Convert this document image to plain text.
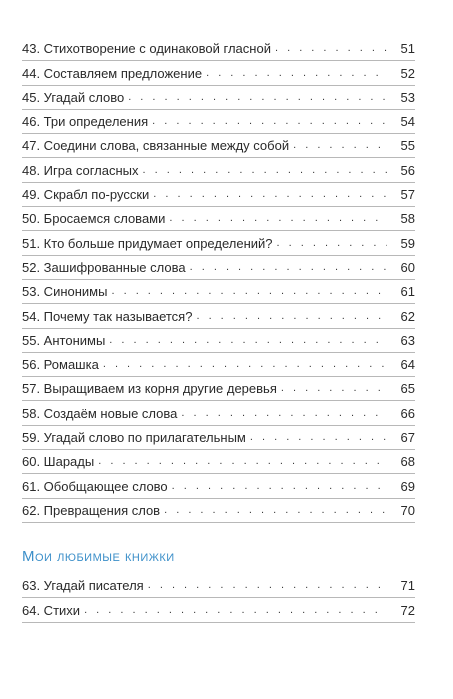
43. Стихотворение с одинаковой гласной . . .	51
44. Составляем предложение . . .	52
45. Угадай слово . . .	53
46. Три определения . . .	54
47. Соедини слова, связанные между собой . . .	55
48. Игра согласных . . .	56
49. Скрабл по-русски . . .	57
50. Бросаемся словами . . .	58
51. Кто больше придумает определений? . . .	59
52. Зашифрованные слова . . .	60
53. Синонимы . . .	61
54. Почему так называется? . . .	62
55. Антонимы . . .	63
56. Ромашка . . .	64
57. Выращиваем из корня другие деревья . . .	65
58. Создаём новые слова . . .	66
59. Угадай слово по прилагательным . . .	67
60. Шарады . . .	68
61. Обобщающее слово . . .	69
62. Превращения слов . . .	70
Мои любимые книжки
63. Угадай писателя . . .	71
64. Стихи . . .	72
